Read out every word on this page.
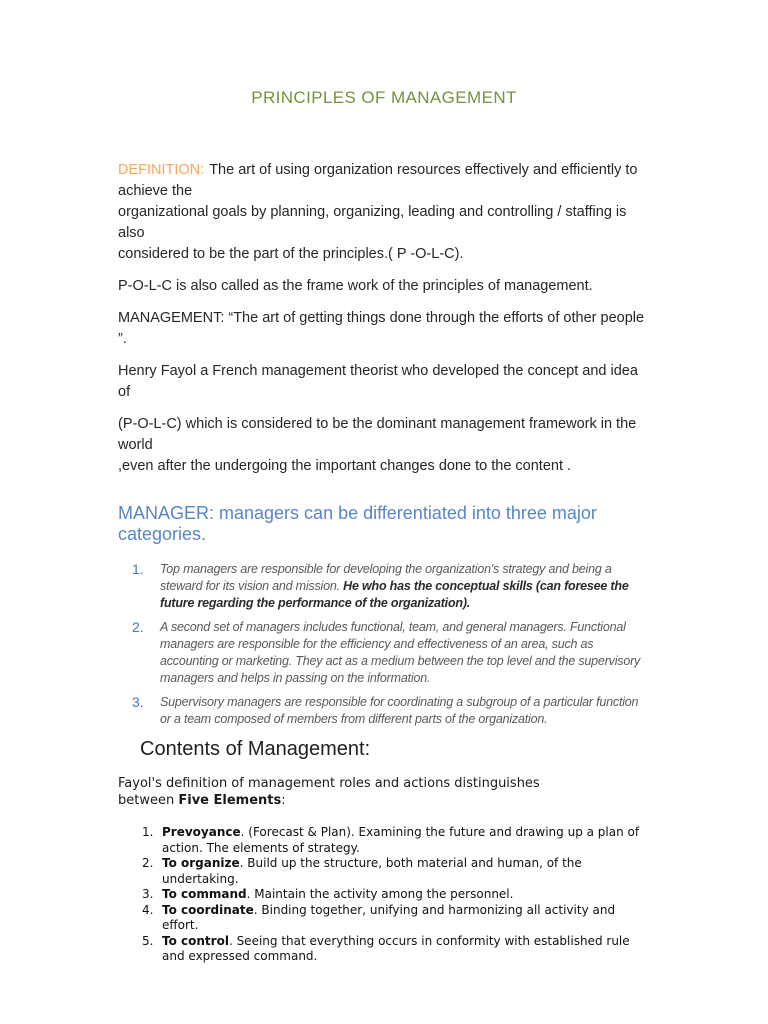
PRINCIPLES OF MANAGEMENT

DEFINITION: The art of using organization resources effectively and efficiently to achieve the
organizational goals by planning, organizing, leading and controlling / staffing is also
considered to be the part of the principles.( P -O-L-C).

P-O-L-C is also called as the frame work of the principles of management.

MANAGEMENT: “The art of getting things done through the efforts of other people ”.

Henry Fayol a French management theorist who developed the concept and idea of

(P-O-L-C) which is considered to be the dominant management framework in the world
,even after the undergoing the important changes done to the content .

MANAGER: managers can be differentiated into three major categories.
1.	Top managers are responsible for developing the organization's strategy and being a steward for its vision and mission. He who has the conceptual skills (can foresee the future regarding the performance of the organization).
2.	A second set of managers includes functional, team, and general managers. Functional managers are responsible for the efficiency and effectiveness of an area, such as accounting or marketing. They act as a medium between the top level and the supervisory managers and helps in passing on the information.
3.	Supervisory managers are responsible for coordinating a subgroup of a particular function or a team composed of members from different parts of the organization.
Contents of Management:

Fayol's definition of management roles and actions distinguishes
between Five Elements:

1. Prevoyance. (Forecast & Plan). Examining the future and drawing up a plan of action. The elements of strategy.
2. To organize. Build up the structure, both material and human, of the undertaking.
3. To command. Maintain the activity among the personnel.
4. To coordinate. Binding together, unifying and harmonizing all activity and effort.
5. To control. Seeing that everything occurs in conformity with established rule and expressed command.
